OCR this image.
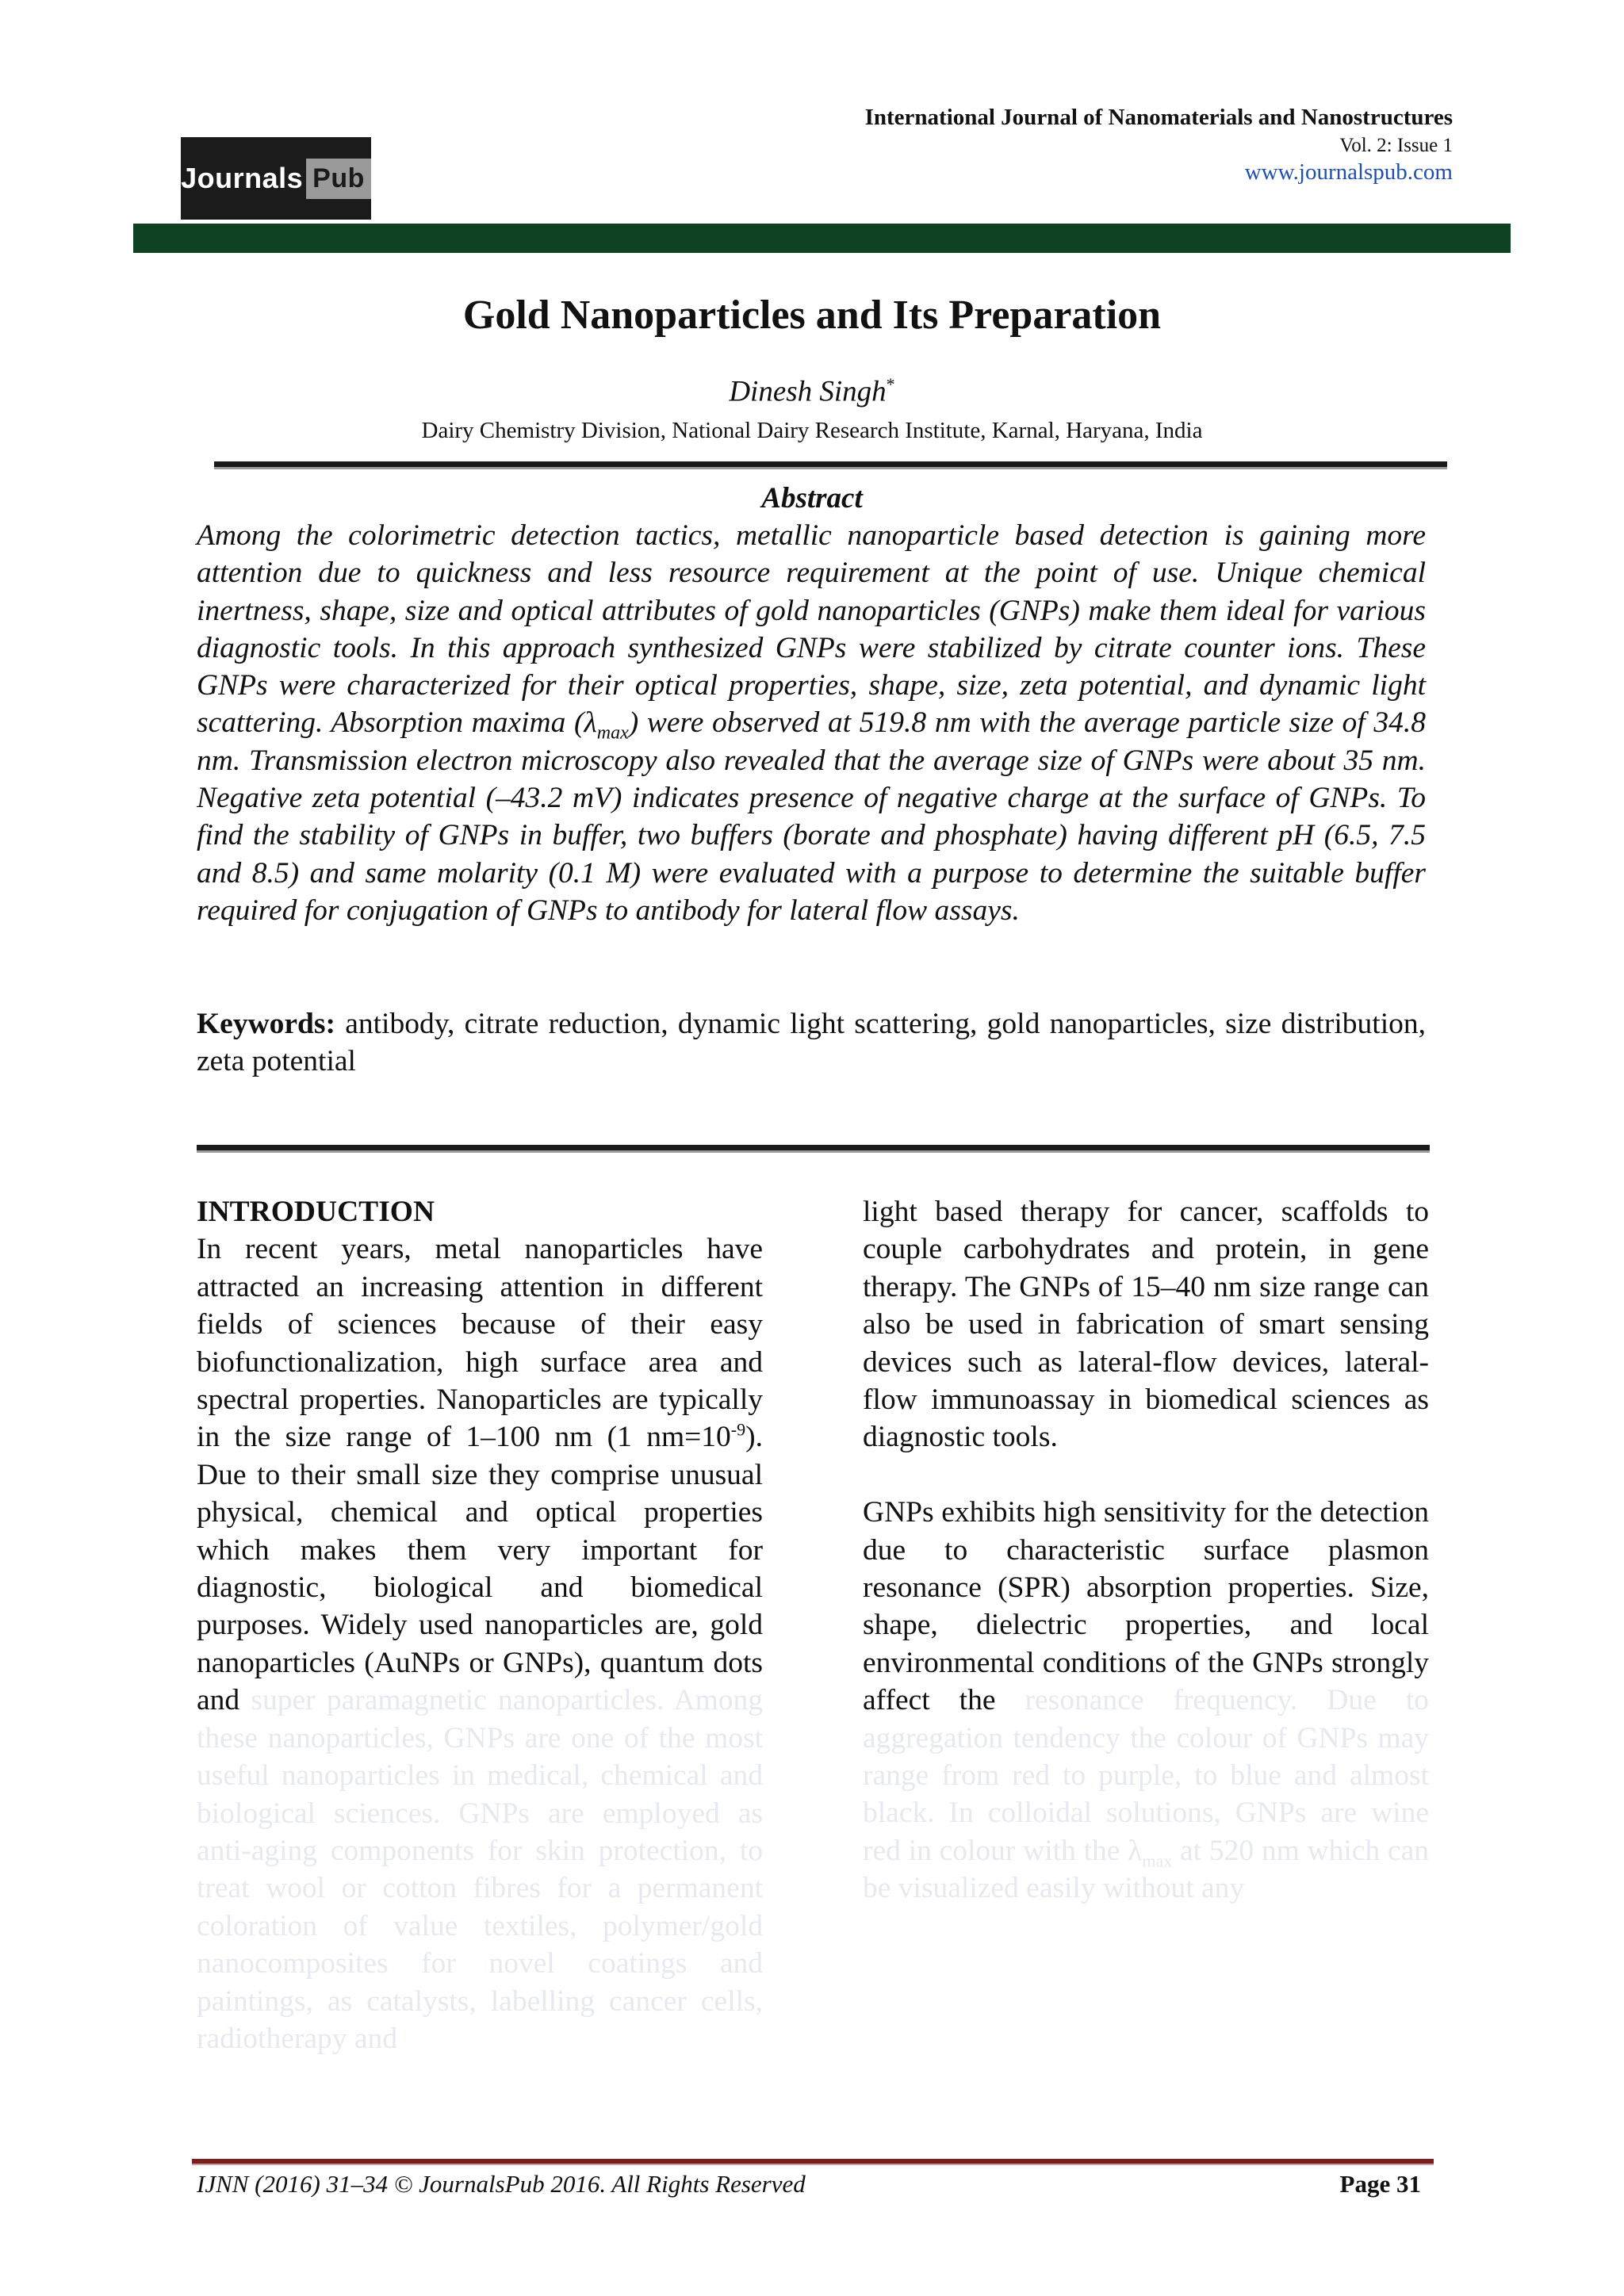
Journals Pub
International Journal of Nanomaterials and Nanostructures
Vol. 2: Issue 1
www.journalspub.com
Gold Nanoparticles and Its Preparation
Dinesh Singh*
Dairy Chemistry Division, National Dairy Research Institute, Karnal, Haryana, India
Abstract
Among the colorimetric detection tactics, metallic nanoparticle based detection is gaining more attention due to quickness and less resource requirement at the point of use. Unique chemical inertness, shape, size and optical attributes of gold nanoparticles (GNPs) make them ideal for various diagnostic tools. In this approach synthesized GNPs were stabilized by citrate counter ions. These GNPs were characterized for their optical properties, shape, size, zeta potential, and dynamic light scattering. Absorption maxima $(\lambda_{max})$ were observed at 519.8 nm with the average particle size of 34.8 nm. Transmission electron microscopy also revealed that the average size of GNPs were about 35 nm. Negative zeta potential (–43.2 mV) indicates presence of negative charge at the surface of GNPs. To find the stability of GNPs in buffer, two buffers (borate and phosphate) having different pH (6.5, 7.5 and 8.5) and same molarity (0.1 M) were evaluated with a purpose to determine the suitable buffer required for conjugation of GNPs to antibody for lateral flow assays.
Keywords: antibody, citrate reduction, dynamic light scattering, gold nanoparticles, size distribution, zeta potential
INTRODUCTION

In recent years, metal nanoparticles have attracted an increasing attention in different fields of sciences because of their easy biofunctionalization, high surface area and spectral properties. Nanoparticles are typically in the size range of 1–100 nm (1 $nm=10^{-9}$). Due to their small size they comprise unusual physical, chemical and optical properties which makes them very important for diagnostic, biological and biomedical purposes. Widely used nanoparticles are, gold nanoparticles (AuNPs or GNPs), quantum dots and super paramagnetic nanoparticles. Among these nanoparticles, GNPs are one of the most useful nanoparticles in medical, chemical and biological sciences. GNPs are employed as anti-aging components for skin protection, to treat wool or cotton fibres for a permanent coloration of value textiles, polymer/gold nanocomposites for novel coatings and paintings, as catalysts, labelling cancer cells, radiotherapy and

light based therapy for cancer, scaffolds to couple carbohydrates and protein, in gene therapy. The GNPs of 15–40 nm size range can also be used in fabrication of smart sensing devices such as lateral-flow devices, lateral-flow immunoassay in biomedical sciences as diagnostic tools.

GNPs exhibits high sensitivity for the detection due to characteristic surface plasmon resonance (SPR) absorption properties. Size, shape, dielectric properties, and local environmental conditions of the GNPs strongly affect the resonance frequency. Due to aggregation tendency the colour of GNPs may range from red to purple, to blue and almost black. In colloidal solutions, GNPs are wine red in colour with the $\lambda_{max}$ at 520 nm which can be visualized easily without any

IJNN (2016) 31–34 © JournalsPub 2016. All Rights Reserved	Page 31
